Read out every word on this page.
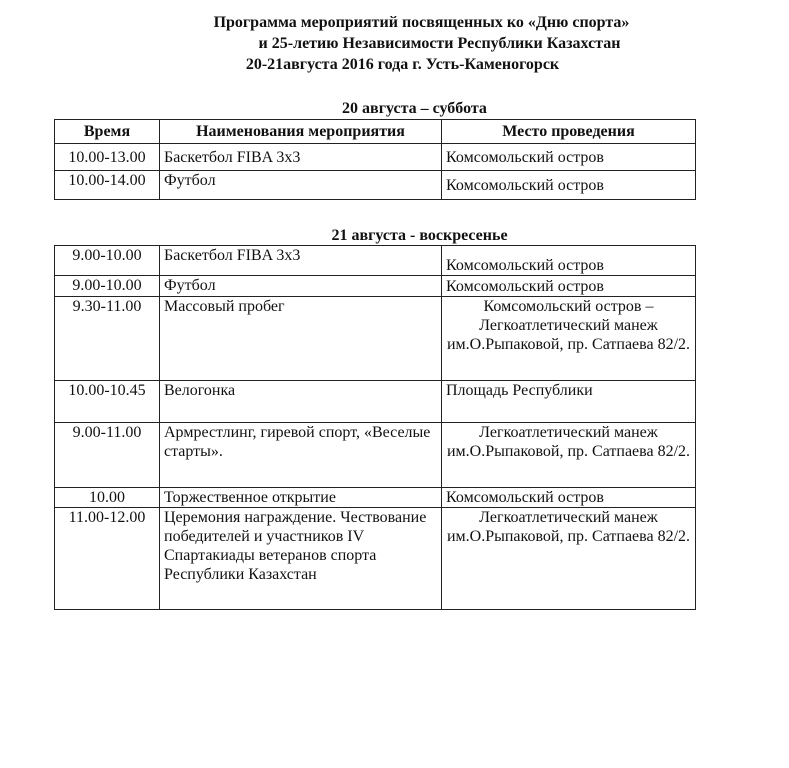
Программа мероприятий посвященных ко «Дню спорта»
и 25-летию Независимости Республики Казахстан
20-21августа 2016 года г. Усть-Каменогорск
20 августа – суббота
Время	Наименования мероприятия	Место проведения
10.00-13.00	Баскетбол FIBA 3x3	Комсомольский остров
10.00-14.00	Футбол	Комсомольский остров
21 августа - воскресенье
9.00-10.00	Баскетбол FIBA 3x3	Комсомольский остров
9.00-10.00	Футбол	Комсомольский остров
9.30-11.00	Массовый пробег	Комсомольский остров – Легкоатлетический манеж им.О.Рыпаковой, пр. Сатпаева 82/2.
10.00-10.45	Велогонка	Площадь Республики
9.00-11.00	Армрестлинг, гиревой спорт, «Веселые старты».	Легкоатлетический манеж им.О.Рыпаковой, пр. Сатпаева 82/2.
10.00	Торжественное открытие	Комсомольский остров
11.00-12.00	Церемония награждение. Чествование победителей и участников IV Спартакиады ветеранов спорта Республики Казахстан	Легкоатлетический манеж им.О.Рыпаковой, пр. Сатпаева 82/2.
